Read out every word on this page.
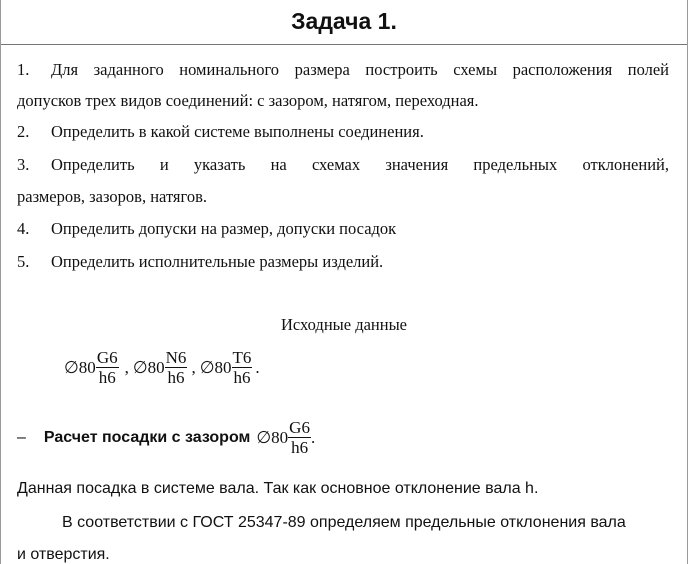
Задача 1.

1. Для заданного номинального размера построить схемы расположения полей

допусков трех видов соединений: с зазором, натягом, переходная.

2. Определить в какой системе выполнены соединения.

3. Определить и указать на схемах значения предельных отклонений,

размеров, зазоров, натягов.

4. Определить допуски на размер, допуски посадок

5. Определить исполнительные размеры изделий.

Исходные данные

∅80 $\frac{G6}{h6}$ , ∅80 $\frac{N6}{h6}$ , ∅80 $\frac{T6}{h6}$ .
– Расчет посадки с зазором ∅80 $\frac{G6}{h6}$ .

Данная посадка в системе вала. Так как основное отклонение вала h.

В соответствии с ГОСТ 25347-89 определяем предельные отклонения вала

и отверстия.
